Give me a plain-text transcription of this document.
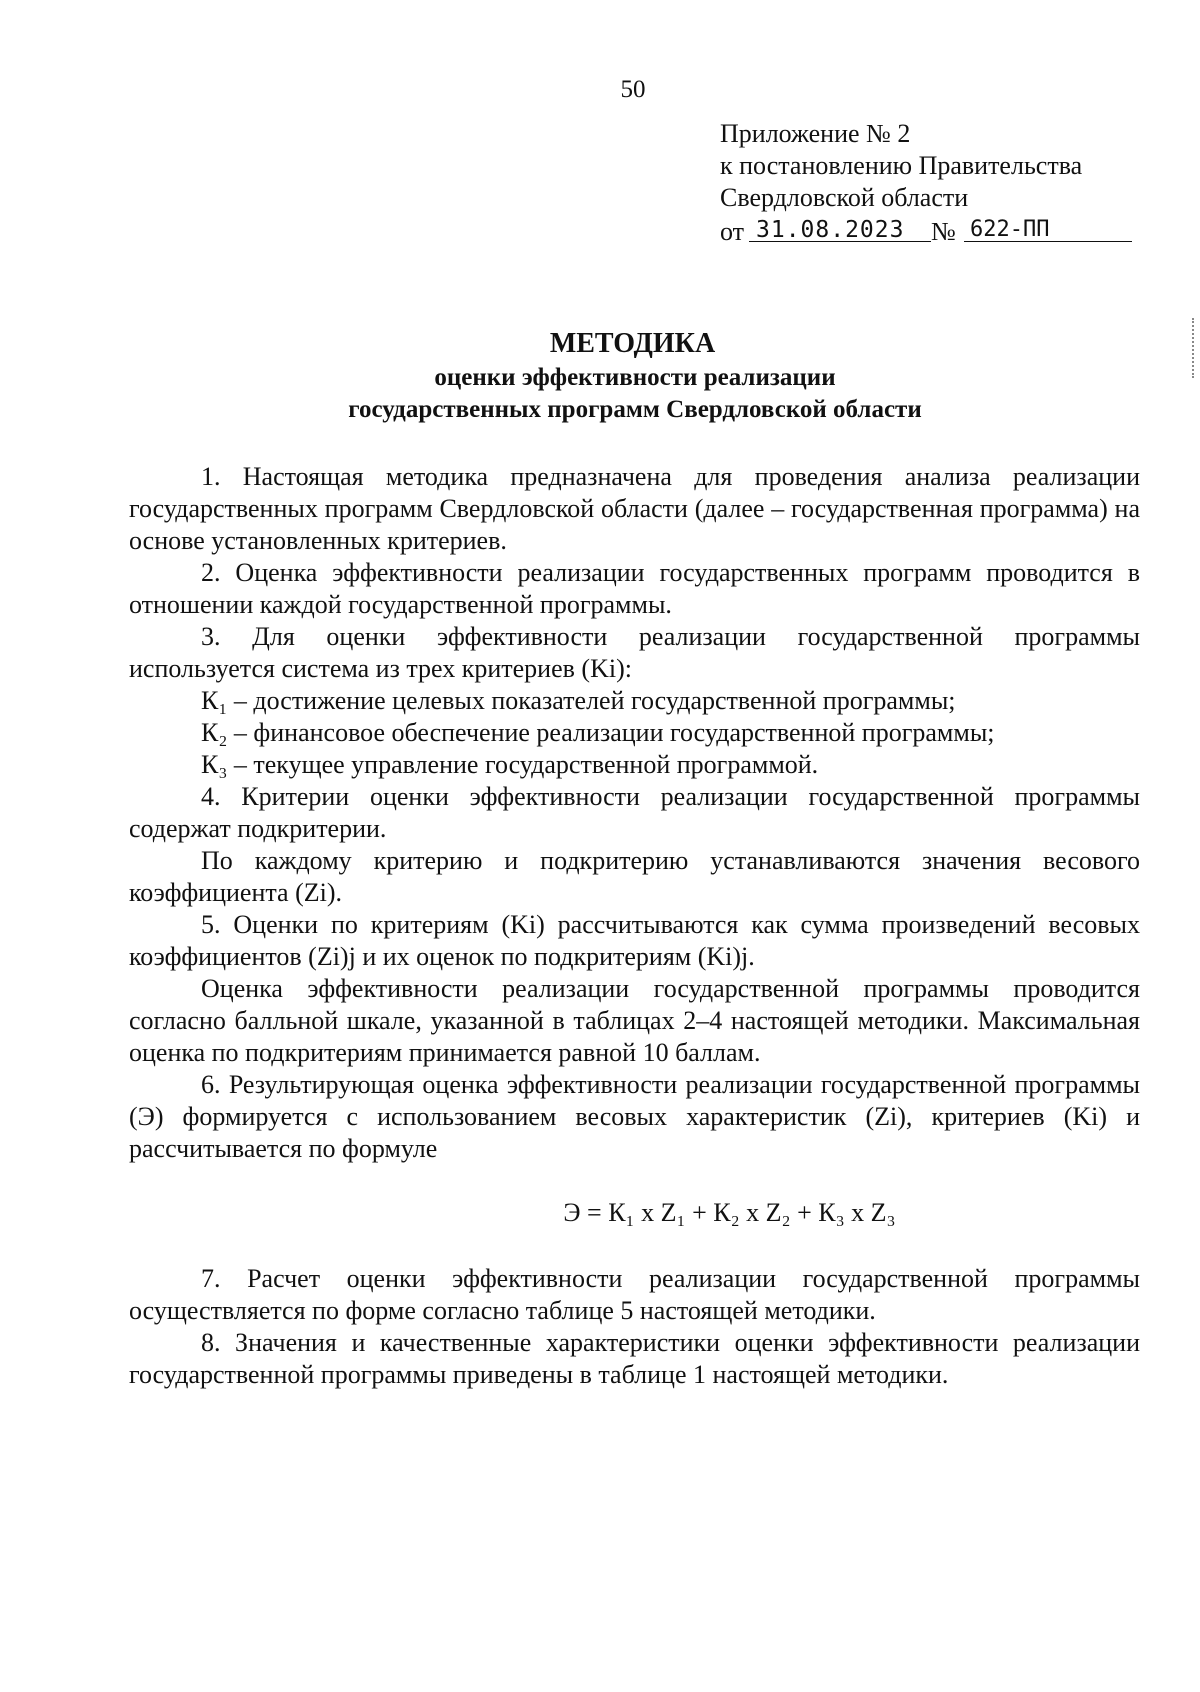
50
Приложение № 2
к постановлению Правительства
Свердловской области
от 31.08.2023 № 622-ПП
МЕТОДИКА
оценки эффективности реализации
государственных программ Свердловской области

1. Настоящая методика предназначена для проведения анализа реализации государственных программ Свердловской области (далее – государственная программа) на основе установленных критериев.

2. Оценка эффективности реализации государственных программ проводится в отношении каждой государственной программы.

3. Для оценки эффективности реализации государственной программы используется система из трех критериев (Ki):

К₁ – достижение целевых показателей государственной программы;

К₂ – финансовое обеспечение реализации государственной программы;

К₃ – текущее управление государственной программой.

4. Критерии оценки эффективности реализации государственной программы содержат подкритерии.

По каждому критерию и подкритерию устанавливаются значения весового коэффициента (Zi).

5. Оценки по критериям (Ki) рассчитываются как сумма произведений весовых коэффициентов (Zi)j и их оценок по подкритериям (Ki)j.

Оценка эффективности реализации государственной программы проводится согласно балльной шкале, указанной в таблицах 2–4 настоящей методики. Максимальная оценка по подкритериям принимается равной 10 баллам.

6. Результирующая оценка эффективности реализации государственной программы (Э) формируется с использованием весовых характеристик (Zi), критериев (Ki) и рассчитывается по формуле

Э = К₁ х Z₁ + К₂ х Z₂ + К₃ х Z₃

7. Расчет оценки эффективности реализации государственной программы осуществляется по форме согласно таблице 5 настоящей методики.

8. Значения и качественные характеристики оценки эффективности реализации государственной программы приведены в таблице 1 настоящей методики.
